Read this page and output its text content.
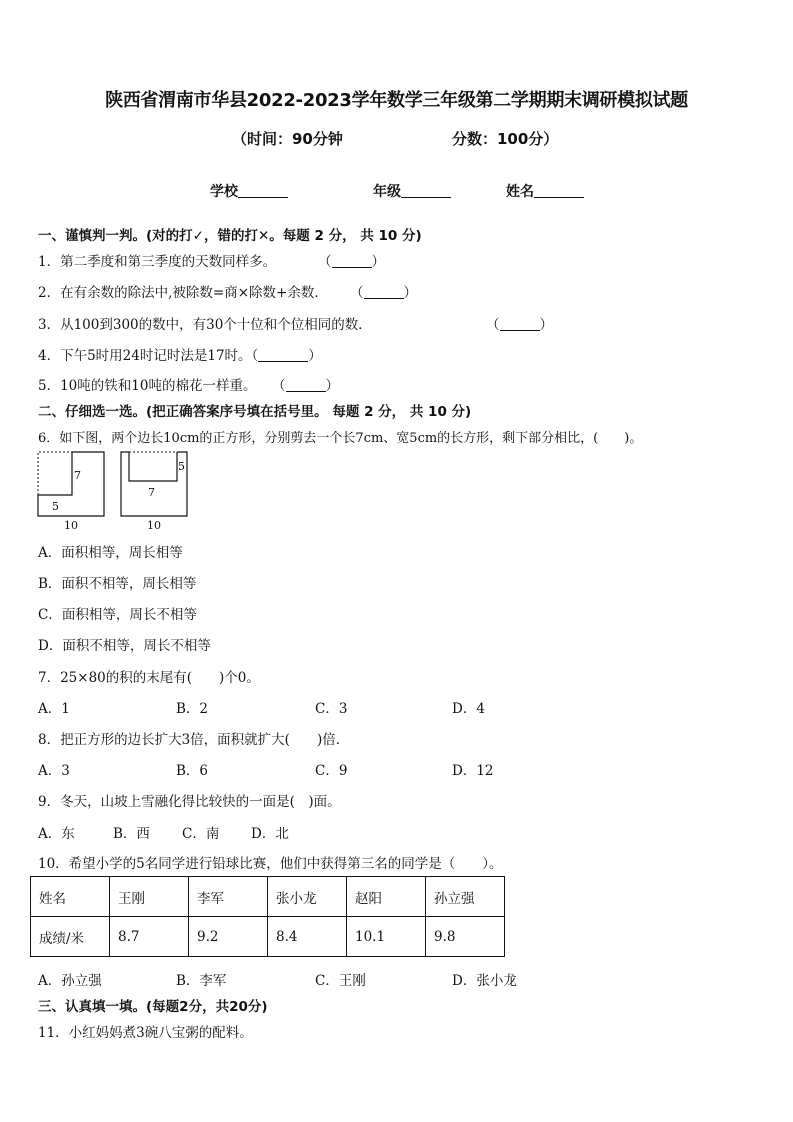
陕西省渭南市华县2022-2023学年数学三年级第二学期期末调研模拟试题
（时间：90分钟	分数：100分）
学校	年级	姓名
一、谨慎判一判。(对的打✓，错的打✕。每题 2 分， 共 10 分)
1．第二季度和第三季度的天数同样多。	（	）
2．在有余数的除法中,被除数=商×除数+余数． （	）
3．从100到300的数中，有30个十位和个位相同的数．	（	）
4．下午5时用24时记时法是17时。（	）
5．10吨的铁和10吨的棉花一样重。 （	）
二、仔细选一选。(把正确答案序号填在括号里。 每题 2 分， 共 10 分)
6．如下图，两个边长10cm的正方形，分别剪去一个长7cm、宽5cm的长方形，剩下部分相比，(　　)。
7
5
10
5
7
10
A．面积相等，周长相等
B．面积不相等，周长相等
C．面积相等，周长不相等
D．面积不相等，周长不相等
7．25×80的积的末尾有(　　)个0。
A．1	B．2	C．3	D．4
8．把正方形的边长扩大3倍，面积就扩大(　　)倍．
A．3	B．6	C．9	D．12
9．冬天，山坡上雪融化得比较快的一面是(　)面。
A．东	B．西 C．南 D．北
10．希望小学的5名同学进行铅球比赛，他们中获得第三名的同学是（　　）。
姓名	王刚	李军	张小龙	赵阳	孙立强
成绩/米	8.7	9.2	8.4	10.1	9.8
A．孙立强	B．李军	C．王刚	D．张小龙
三、认真填一填。(每题2分，共20分)
11．小红妈妈煮3碗八宝粥的配料。
